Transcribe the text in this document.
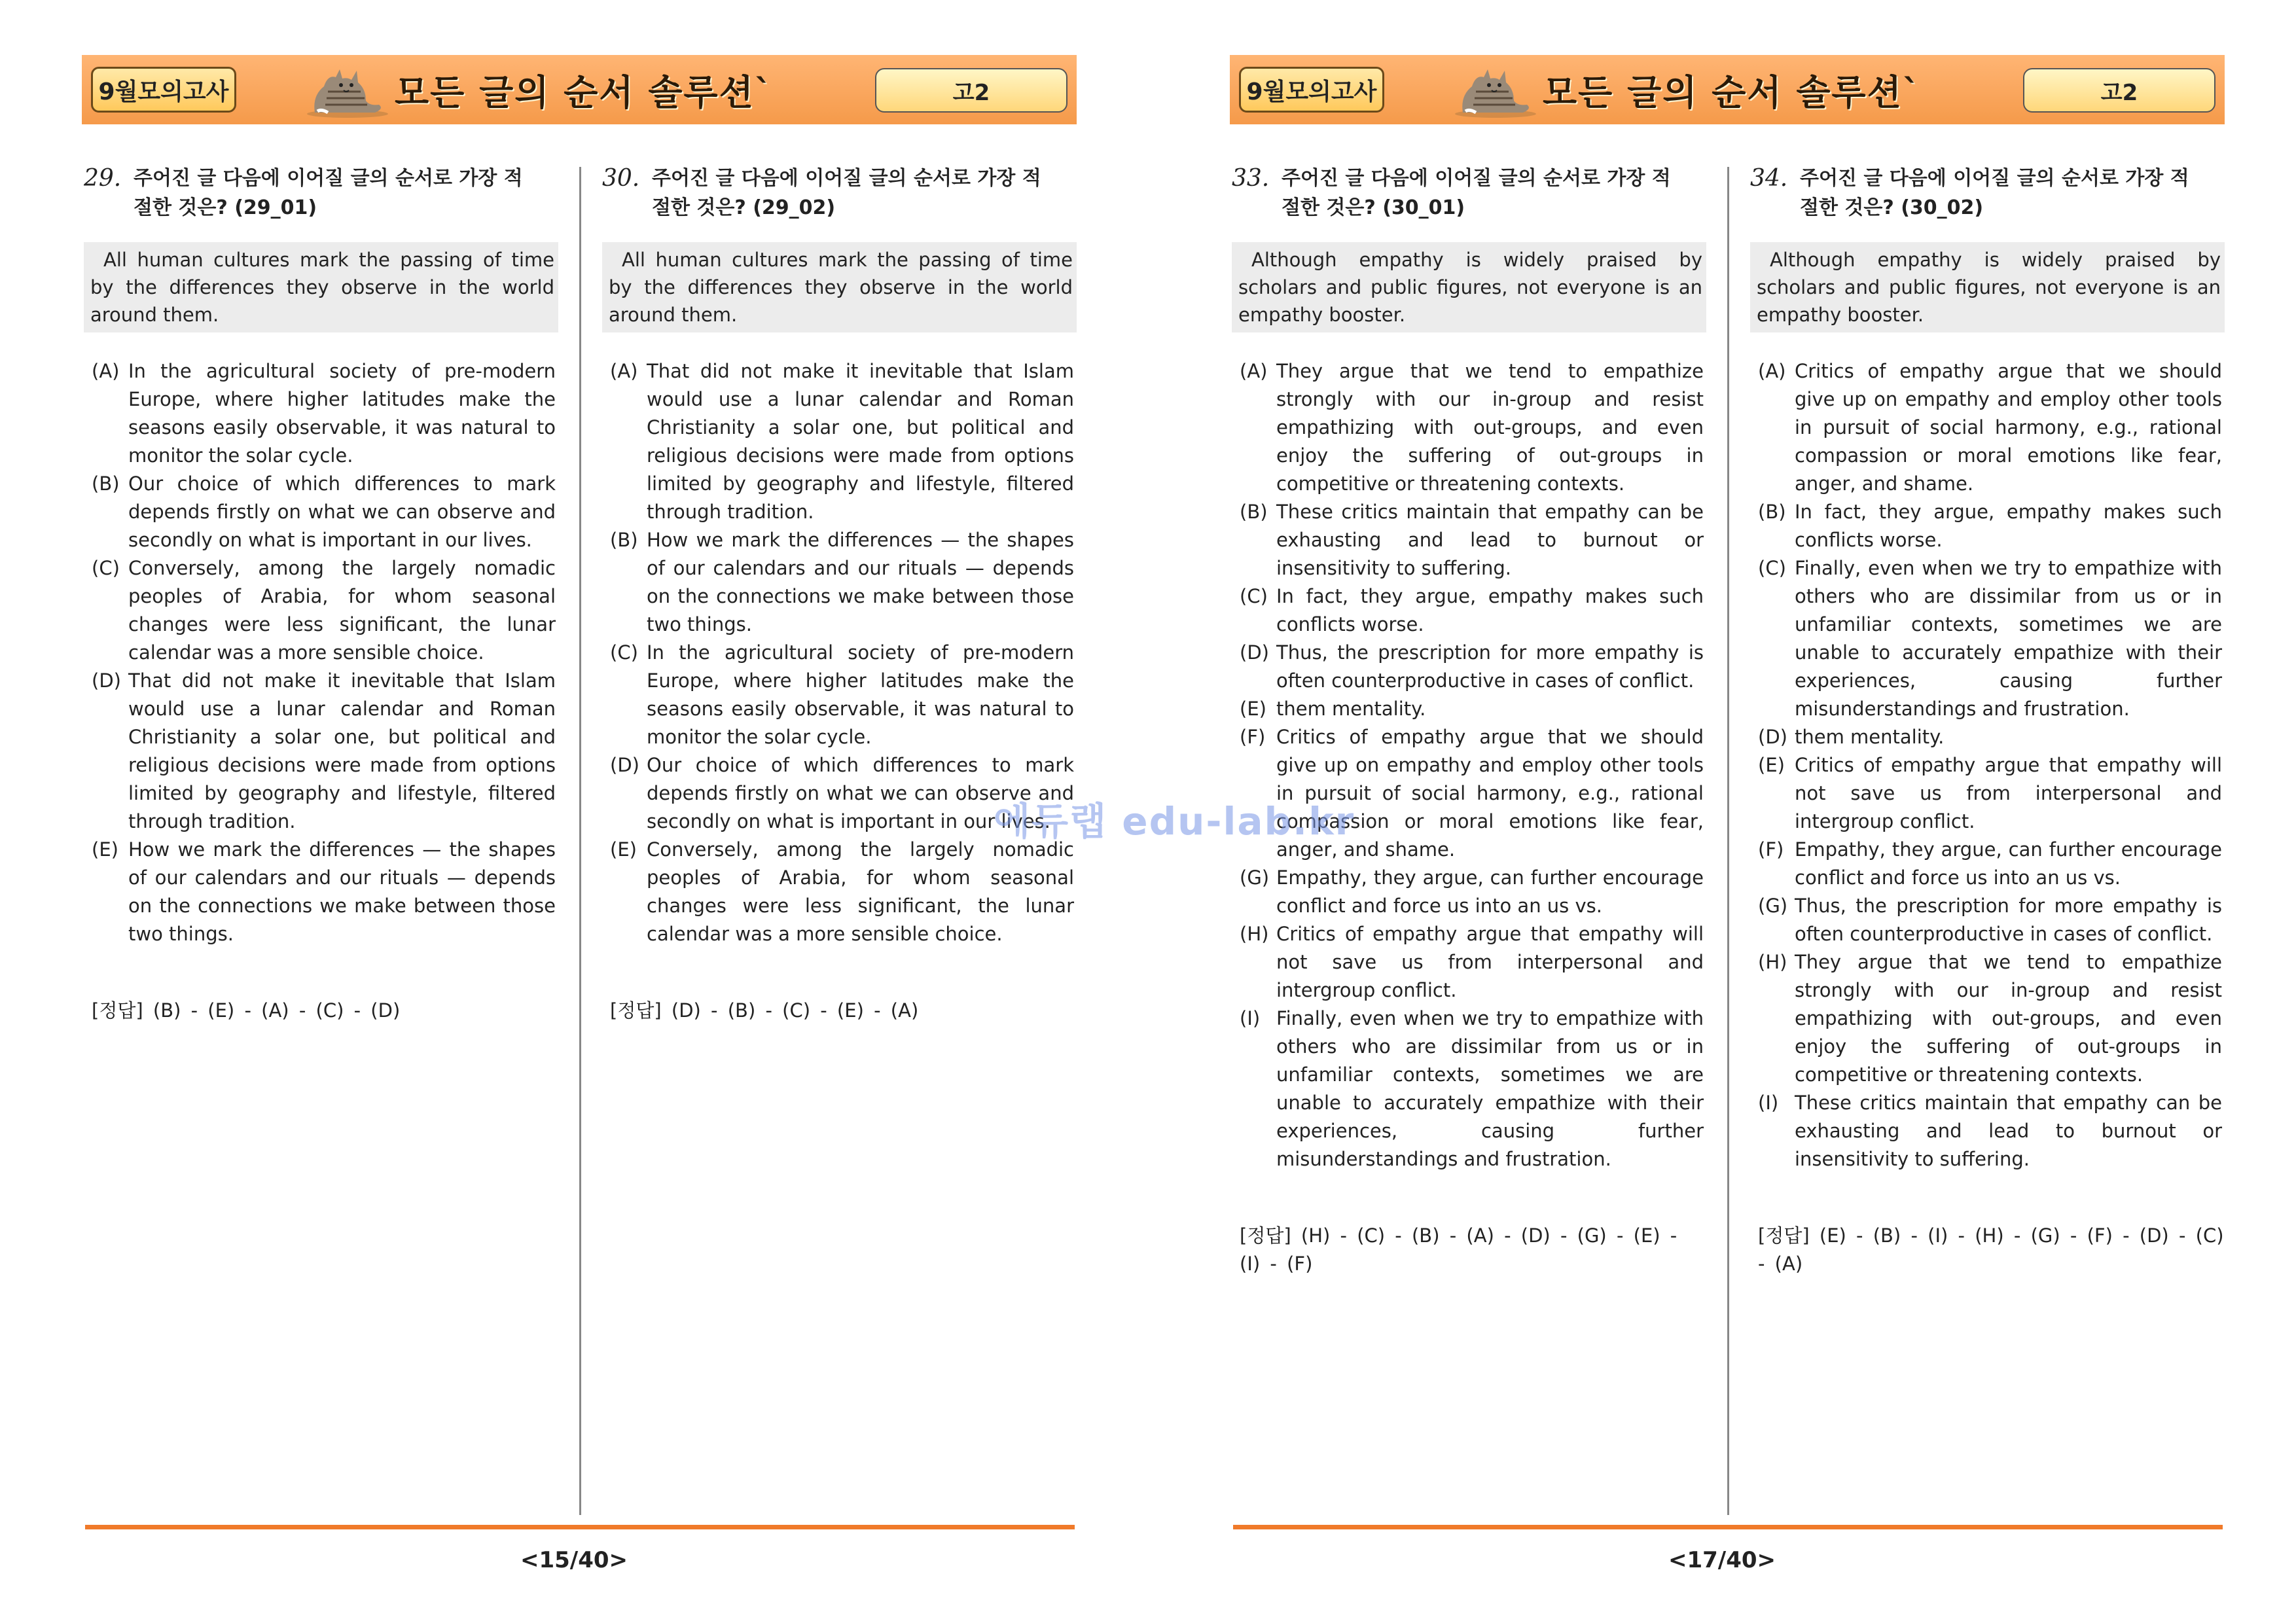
9월모의고사	모든 글의 순서 솔루션`	고2
29. 주어진 글 다음에 이어질 글의 순서로 가장 적
절한 것은? (29_01)
All human cultures mark the passing of time by the differences they observe in the world around them.
(A) In the agricultural society of pre-modern Europe, where higher latitudes make the seasons easily observable, it was natural to monitor the solar cycle.
(B) Our choice of which differences to mark depends firstly on what we can observe and secondly on what is important in our lives.
(C) Conversely, among the largely nomadic peoples of Arabia, for whom seasonal changes were less significant, the lunar calendar was a more sensible choice.
(D) That did not make it inevitable that Islam would use a lunar calendar and Roman Christianity a solar one, but political and religious decisions were made from options limited by geography and lifestyle, filtered through tradition.
(E) How we mark the differences — the shapes of our calendars and our rituals — depends on the connections we make between those two things.
[정답] (B) - (E) - (A) - (C) - (D)
30. 주어진 글 다음에 이어질 글의 순서로 가장 적
절한 것은? (29_02)
All human cultures mark the passing of time by the differences they observe in the world around them.
(A) That did not make it inevitable that Islam would use a lunar calendar and Roman Christianity a solar one, but political and religious decisions were made from options limited by geography and lifestyle, filtered through tradition.
(B) How we mark the differences — the shapes of our calendars and our rituals — depends on the connections we make between those two things.
(C) In the agricultural society of pre-modern Europe, where higher latitudes make the seasons easily observable, it was natural to monitor the solar cycle.
(D) Our choice of which differences to mark depends firstly on what we can observe and secondly on what is important in our lives.
(E) Conversely, among the largely nomadic peoples of Arabia, for whom seasonal changes were less significant, the lunar calendar was a more sensible choice.
[정답] (D) - (B) - (C) - (E) - (A)
<15/40>
9월모의고사	모든 글의 순서 솔루션`	고2
33. 주어진 글 다음에 이어질 글의 순서로 가장 적
절한 것은? (30_01)
Although empathy is widely praised by scholars and public figures, not everyone is an empathy booster.
(A) They argue that we tend to empathize strongly with our in-group and resist empathizing with out-groups, and even enjoy the suffering of out-groups in competitive or threatening contexts.
(B) These critics maintain that empathy can be exhausting and lead to burnout or insensitivity to suffering.
(C) In fact, they argue, empathy makes such conflicts worse.
(D) Thus, the prescription for more empathy is often counterproductive in cases of conflict.
(E) them mentality.
(F) Critics of empathy argue that we should give up on empathy and employ other tools in pursuit of social harmony, e.g., rational compassion or moral emotions like fear, anger, and shame.
(G) Empathy, they argue, can further encourage conflict and force us into an us vs.
(H) Critics of empathy argue that empathy will not save us from interpersonal and intergroup conflict.
(I) Finally, even when we try to empathize with others who are dissimilar from us or in unfamiliar contexts, sometimes we are unable to accurately empathize with their experiences, causing further misunderstandings and frustration.
[정답] (H) - (C) - (B) - (A) - (D) - (G) - (E) - (I) - (F)
34. 주어진 글 다음에 이어질 글의 순서로 가장 적
절한 것은? (30_02)
Although empathy is widely praised by scholars and public figures, not everyone is an empathy booster.
(A) Critics of empathy argue that we should give up on empathy and employ other tools in pursuit of social harmony, e.g., rational compassion or moral emotions like fear, anger, and shame.
(B) In fact, they argue, empathy makes such conflicts worse.
(C) Finally, even when we try to empathize with others who are dissimilar from us or in unfamiliar contexts, sometimes we are unable to accurately empathize with their experiences, causing further misunderstandings and frustration.
(D) them mentality.
(E) Critics of empathy argue that empathy will not save us from interpersonal and intergroup conflict.
(F) Empathy, they argue, can further encourage conflict and force us into an us vs.
(G) Thus, the prescription for more empathy is often counterproductive in cases of conflict.
(H) They argue that we tend to empathize strongly with our in-group and resist empathizing with out-groups, and even enjoy the suffering of out-groups in competitive or threatening contexts.
(I) These critics maintain that empathy can be exhausting and lead to burnout or insensitivity to suffering.
[정답] (E) - (B) - (I) - (H) - (G) - (F) - (D) - (C) - (A)
<17/40>
에듀랩 edu-lab.kr
